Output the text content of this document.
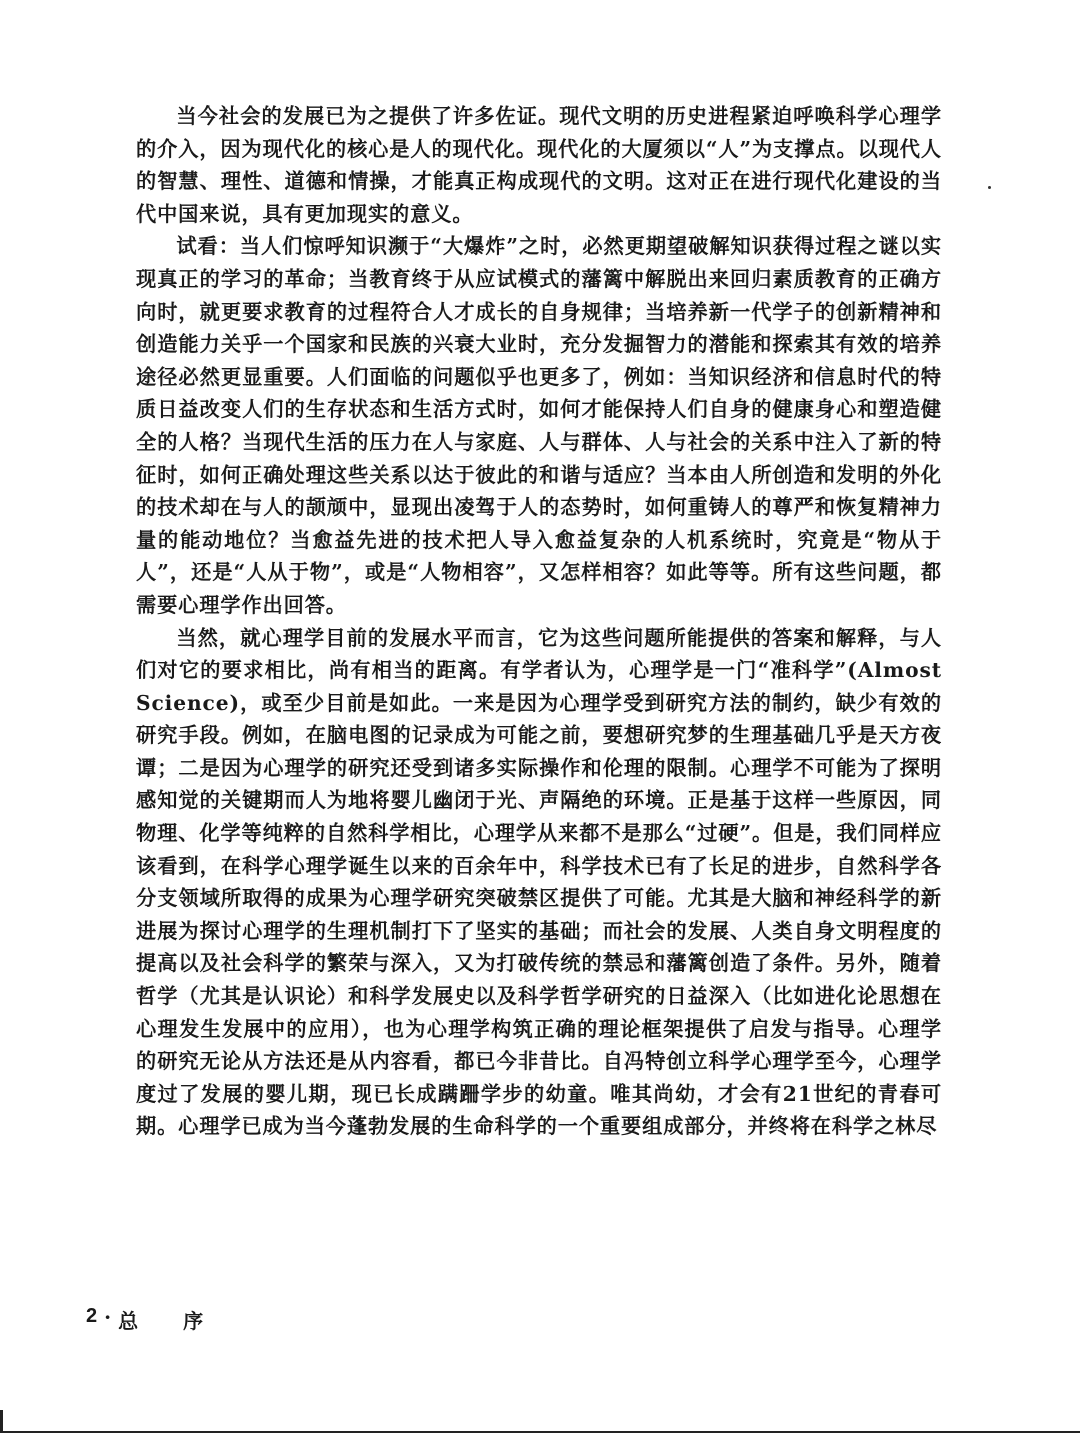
当今社会的发展已为之提供了许多佐证。现代文明的历史进程紧迫呼唤科学心理学的介入，因为现代化的核心是人的现代化。现代化的大厦须以“人”为支撑点。以现代人的智慧、理性、道德和情操，才能真正构成现代的文明。这对正在进行现代化建设的当代中国来说，具有更加现实的意义。

试看：当人们惊呼知识濒于“大爆炸”之时，必然更期望破解知识获得过程之谜以实现真正的学习的革命；当教育终于从应试模式的藩篱中解脱出来回归素质教育的正确方向时，就更要求教育的过程符合人才成长的自身规律；当培养新一代学子的创新精神和创造能力关乎一个国家和民族的兴衰大业时，充分发掘智力的潜能和探索其有效的培养途径必然更显重要。人们面临的问题似乎也更多了，例如：当知识经济和信息时代的特质日益改变人们的生存状态和生活方式时，如何才能保持人们自身的健康身心和塑造健全的人格？当现代生活的压力在人与家庭、人与群体、人与社会的关系中注入了新的特征时，如何正确处理这些关系以达于彼此的和谐与适应？当本由人所创造和发明的外化的技术却在与人的颉颃中，显现出凌驾于人的态势时，如何重铸人的尊严和恢复精神力量的能动地位？当愈益先进的技术把人导入愈益复杂的人机系统时，究竟是“物从于人”，还是“人从于物”，或是“人物相容”，又怎样相容？如此等等。所有这些问题，都需要心理学作出回答。

当然，就心理学目前的发展水平而言，它为这些问题所能提供的答案和解释，与人们对它的要求相比，尚有相当的距离。有学者认为，心理学是一门“准科学”(Almost Science)，或至少目前是如此。一来是因为心理学受到研究方法的制约，缺少有效的研究手段。例如，在脑电图的记录成为可能之前，要想研究梦的生理基础几乎是天方夜谭；二是因为心理学的研究还受到诸多实际操作和伦理的限制。心理学不可能为了探明感知觉的关键期而人为地将婴儿幽闭于光、声隔绝的环境。正是基于这样一些原因，同物理、化学等纯粹的自然科学相比，心理学从来都不是那么“过硬”。但是，我们同样应该看到，在科学心理学诞生以来的百余年中，科学技术已有了长足的进步，自然科学各分支领域所取得的成果为心理学研究突破禁区提供了可能。尤其是大脑和神经科学的新进展为探讨心理学的生理机制打下了坚实的基础；而社会的发展、人类自身文明程度的提高以及社会科学的繁荣与深入，又为打破传统的禁忌和藩篱创造了条件。另外，随着哲学（尤其是认识论）和科学发展史以及科学哲学研究的日益深入（比如进化论思想在心理发生发展中的应用），也为心理学构筑正确的理论框架提供了启发与指导。心理学的研究无论从方法还是从内容看，都已今非昔比。自冯特创立科学心理学至今，心理学度过了发展的婴儿期，现已长成蹒跚学步的幼童。唯其尚幼，才会有21世纪的青春可期。心理学已成为当今蓬勃发展的生命科学的一个重要组成部分，并终将在科学之林尽

2 · 总 序
